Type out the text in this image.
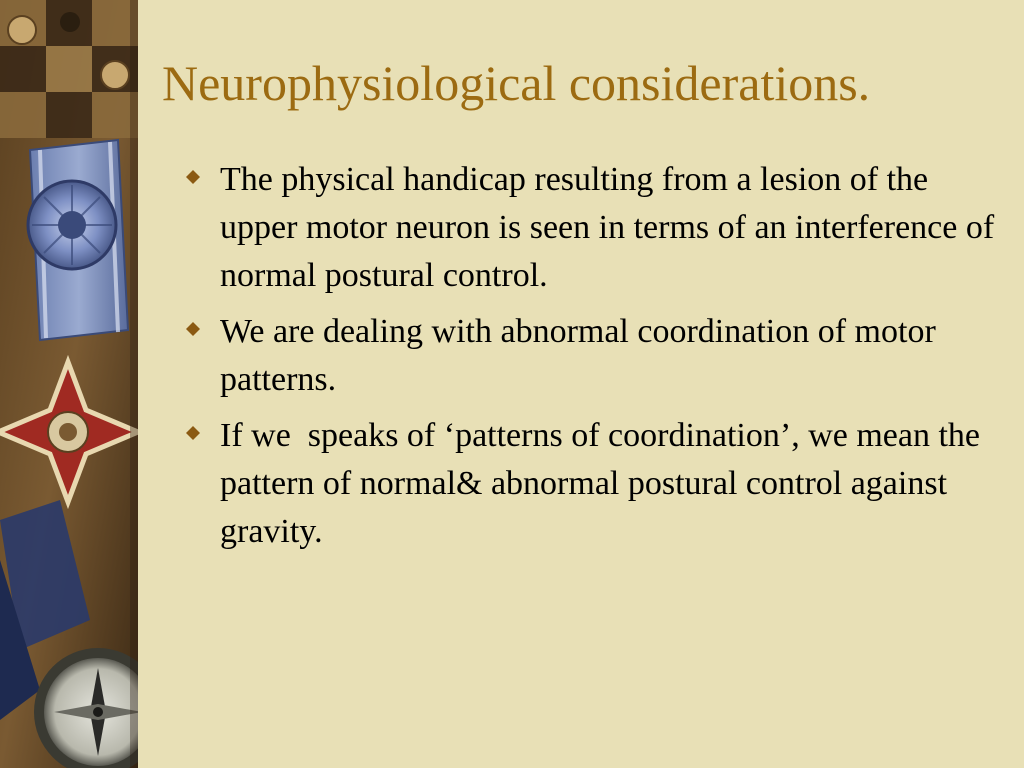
Neurophysiological considerations.
The physical handicap resulting from a lesion of the upper motor neuron is seen in terms of an interference of normal postural control.
We are dealing with abnormal coordination of motor patterns.
If we  speaks of ‘patterns of coordination’, we mean the pattern of normal& abnormal postural control against gravity.
